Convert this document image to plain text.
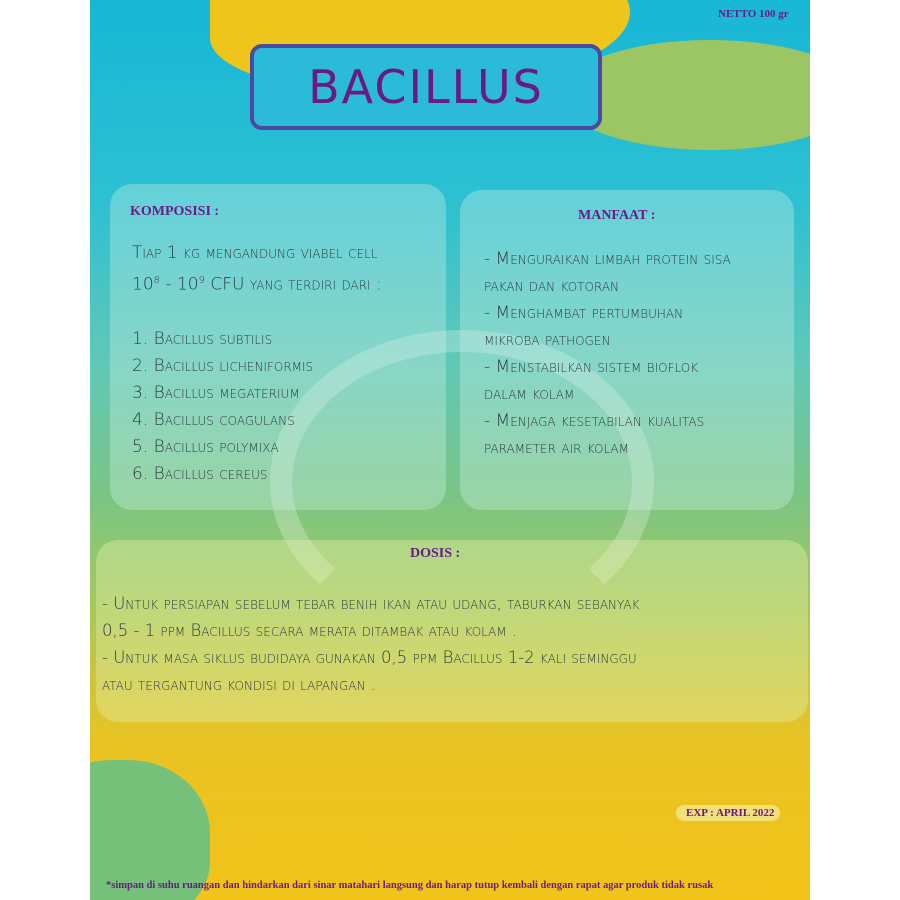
NETTO 100 gr
BACILLUS
KOMPOSISI :
Tiap 1 kg mengandung viabel cell
$10^8 - 10^9$ CFU yang terdiri dari :
1. Bacillus subtilis
2. Bacillus licheniformis
3. Bacillus megaterium
4. Bacillus coagulans
5. Bacillus polymixa
6. Bacillus cereus
MANFAAT :
- Menguraikan limbah protein sisa
pakan dan kotoran
- Menghambat pertumbuhan
mikroba pathogen
- Menstabilkan sistem bioflok
dalam kolam
- Menjaga kesetabilan kualitas
parameter air kolam
DOSIS :
- Untuk persiapan sebelum tebar benih ikan atau udang, taburkan sebanyak
0,5 - 1 ppm Bacillus secara merata ditambak atau kolam .
- Untuk masa siklus budidaya gunakan 0,5 ppm Bacillus 1-2 kali seminggu
atau tergantung kondisi di lapangan .
EXP : APRIL 2022
*simpan di suhu ruangan dan hindarkan dari sinar matahari langsung dan harap tutup kembali dengan rapat agar produk tidak rusak
